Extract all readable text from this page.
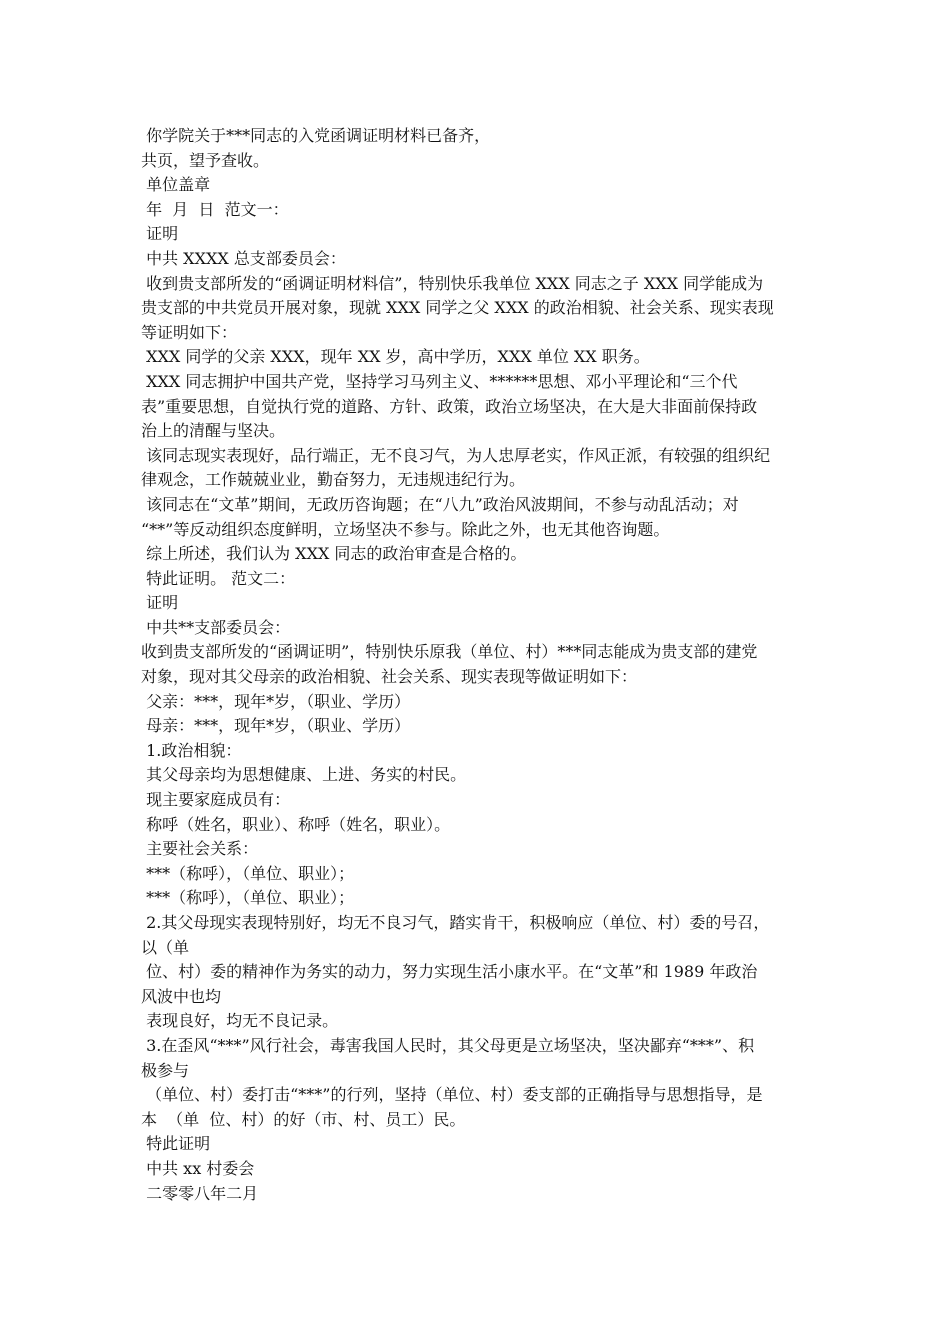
你学院关于***同志的入党函调证明材料已备齐，
共页，望予查收。
单位盖章
年  月  日  范文一：
证明
中共 XXXX 总支部委员会：
收到贵支部所发的“函调证明材料信”，特别快乐我单位 XXX 同志之子 XXX 同学能成为
贵支部的中共党员开展对象，现就 XXX 同学之父 XXX 的政治相貌、社会关系、现实表现
等证明如下：
XXX 同学的父亲 XXX，现年 XX 岁，高中学历，XXX 单位 XX 职务。
XXX 同志拥护中国共产党，坚持学习马列主义、******思想、邓小平理论和“三个代
表”重要思想，自觉执行党的道路、方针、政策，政治立场坚决，在大是大非面前保持政
治上的清醒与坚决。
该同志现实表现好，品行端正，无不良习气，为人忠厚老实，作风正派，有较强的组织纪
律观念，工作兢兢业业，勤奋努力，无违规违纪行为。
该同志在“文革”期间，无政历咨询题；在“八九”政治风波期间，不参与动乱活动；对
“**”等反动组织态度鲜明，立场坚决不参与。除此之外，也无其他咨询题。
综上所述，我们认为 XXX 同志的政治审查是合格的。
特此证明。 范文二：
证明
中共**支部委员会：
收到贵支部所发的“函调证明”，特别快乐原我（单位、村）***同志能成为贵支部的建党
对象，现对其父母亲的政治相貌、社会关系、现实表现等做证明如下：
父亲：***，现年*岁，（职业、学历）
母亲：***，现年*岁，（职业、学历）
1.政治相貌：
其父母亲均为思想健康、上进、务实的村民。
现主要家庭成员有：
称呼（姓名，职业）、称呼（姓名，职业）。
主要社会关系：
***（称呼），（单位、职业）；
***（称呼），（单位、职业）；
2.其父母现实表现特别好，均无不良习气，踏实肯干，积极响应（单位、村）委的号召，
以（单
位、村）委的精神作为务实的动力，努力实现生活小康水平。在“文革”和 1989 年政治
风波中也均
表现良好，均无不良记录。
3.在歪风“***”风行社会，毒害我国人民时，其父母更是立场坚决，坚决鄙弃“***”、积
极参与
（单位、村）委打击“***”的行列，坚持（单位、村）委支部的正确指导与思想指导，是
本  （单  位、村）的好（市、村、员工）民。
特此证明
中共 xx 村委会
二零零八年二月
